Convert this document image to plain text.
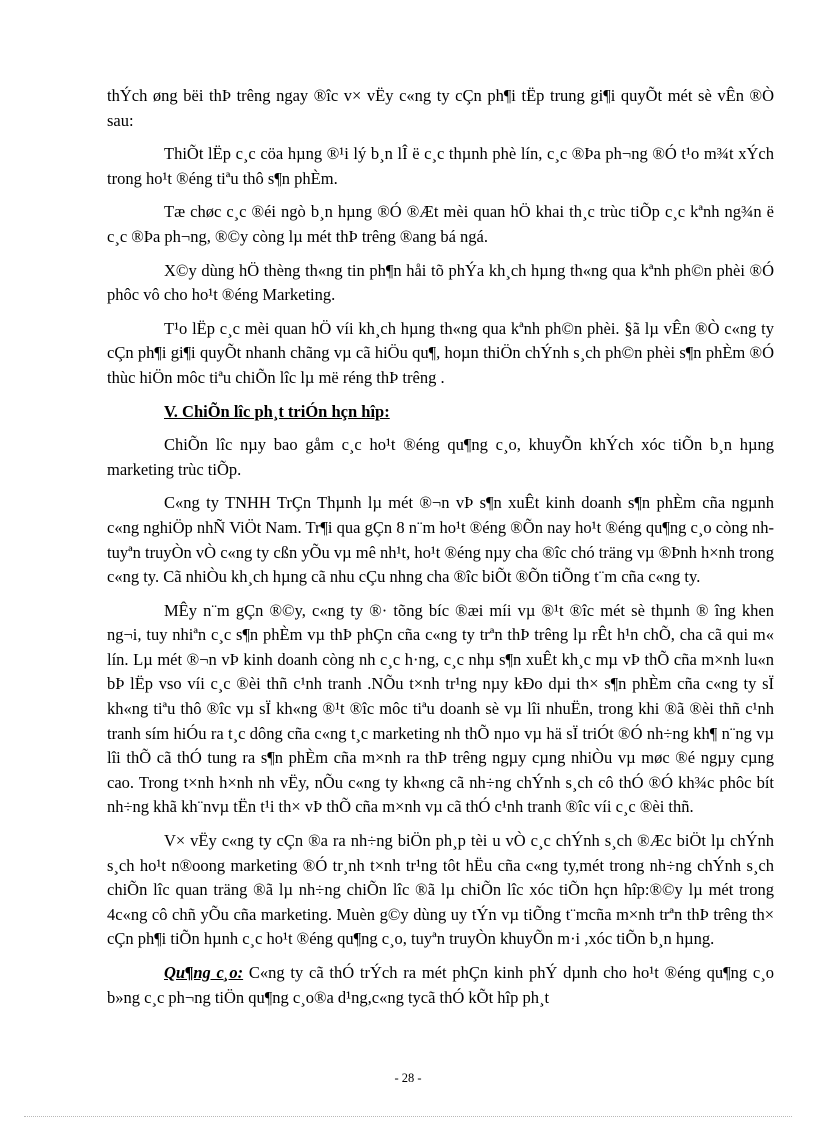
thÝch øng bëi thÞ trêng ngay ®îc v× vËy c«ng ty cÇn ph¶i tËp trung gi¶i quyÕt mét sè vÊn ®Ò sau:

ThiÕt lËp c¸c cöa hµng ®¹i lý b¸n lÎ ë c¸c thµnh phè lín, c¸c ®Þa ph¬ng ®Ó t¹o m¾t xÝch trong ho¹t ®éng tiªu thô s¶n phÈm.

Tæ chøc c¸c ®éi ngò b¸n hµng ®Ó ®Æt mèi quan hÖ khai th¸c trùc tiÕp c¸c kªnh ng¾n ë c¸c ®Þa ph¬ng, ®©y còng lµ mét thÞ trêng ®ang bá ngá.

X©y dùng hÖ thèng th«ng tin ph¶n håi tõ phÝa kh¸ch hµng th«ng qua kªnh ph©n phèi ®Ó phôc vô cho ho¹t ®éng Marketing.

T¹o lËp c¸c mèi quan hÖ víi kh¸ch hµng th«ng qua kªnh ph©n phèi. §ã lµ vÊn ®Ò c«ng ty cÇn ph¶i gi¶i quyÕt nhanh chãng vµ cã hiÖu qu¶, hoµn thiÖn chÝnh s¸ch ph©n phèi s¶n phÈm ®Ó thùc hiÖn môc tiªu chiÕn lîc lµ më réng thÞ trêng .

V. ChiÕn lîc ph¸t triÓn hçn hîp:

ChiÕn lîc nµy bao gåm c¸c ho¹t ®éng qu¶ng c¸o, khuyÕn khÝch xóc tiÕn b¸n hµng marketing trùc tiÕp.

C«ng ty TNHH TrÇn Thµnh lµ mét ®¬n vÞ s¶n xuÊt kinh doanh s¶n phÈm cña ngµnh c«ng nghiÖp nhÑ ViÖt Nam. Tr¶i qua gÇn 8 n¨m ho¹t ®éng ®Õn nay ho¹t ®éng qu¶ng c¸o còng nh tuyªn truyÒn vÒ c«ng ty cßn yÕu vµ mê nh¹t, ho¹t ®éng nµy cha ®îc chó träng vµ ®Þnh h×nh trong c«ng ty. Cã nhiÒu kh¸ch hµng cã nhu cÇu nhng cha ®îc biÕt ®Õn tiÕng t¨m cña c«ng ty.

MÊy n¨m gÇn ®©y, c«ng ty ®· tõng bíc ®æi míi vµ ®¹t ®îc mét sè thµnh ® îng khen ng¬i, tuy nhiªn c¸c s¶n phÈm vµ thÞ phÇn cña c«ng ty trªn thÞ trêng lµ rÊt h¹n chÕ, cha cã qui m« lín. Lµ mét ®¬n vÞ kinh doanh còng nh c¸c h·ng, c¸c nhµ s¶n xuÊt kh¸c mµ vÞ thÕ cña m×nh lu«n bÞ lËp vso víi c¸c ®èi thñ c¹nh tranh .NÕu t×nh tr¹ng nµy kÐo dµi th× s¶n phÈm cña c«ng ty sÏ kh«ng tiªu thô ®îc vµ sÏ kh«ng ®¹t ®îc môc tiªu doanh sè vµ lîi nhuËn, trong khi ®ã ®èi thñ c¹nh tranh sím hiÓu ra t¸c dông cña c«ng t¸c marketing nh thÕ nµo vµ hä sÏ triÓt ®Ó nh÷ng kh¶ n¨ng vµ lîi thÕ cã thÓ tung ra s¶n phÈm cña m×nh ra thÞ trêng ngµy cµng nhiÒu vµ møc ®é ngµy cµng cao. Trong t×nh h×nh nh vËy, nÕu c«ng ty kh«ng cã nh÷ng chÝnh s¸ch cô thÓ ®Ó kh¾c phôc bít nh÷ng khã kh¨nvµ tËn t¹i th× vÞ thÕ cña m×nh vµ cã thÓ c¹nh tranh ®îc víi c¸c ®èi thñ.

V× vËy c«ng ty cÇn ®a ra nh÷ng biÖn ph¸p tèi u vÒ c¸c chÝnh s¸ch ®Æc biÖt lµ chÝnh s¸ch ho¹t n®oong marketing ®Ó tr¸nh t×nh tr¹ng tôt hËu cña c«ng ty,mét trong nh÷ng chÝnh s¸ch chiÕn lîc quan träng ®ã lµ nh÷ng chiÕn lîc ®ã lµ chiÕn lîc xóc tiÕn hçn hîp:®©y lµ mét trong 4c«ng cô chñ yÕu cña marketing. Muèn g©y dùng uy tÝn vµ tiÕng t¨mcña m×nh trªn thÞ trêng th× cÇn ph¶i tiÕn hµnh c¸c ho¹t ®éng qu¶ng c¸o, tuyªn truyÒn khuyÕn m·i ,xóc tiÕn b¸n hµng.

Qu¶ng c¸o: C«ng ty cã thÓ trÝch ra mét phÇn kinh phÝ dµnh cho ho¹t ®éng qu¶ng c¸o b»ng c¸c ph¬ng tiÖn qu¶ng c¸o®a d¹ng,c«ng tycã thÓ kÕt hîp ph¸t

- 28 -
